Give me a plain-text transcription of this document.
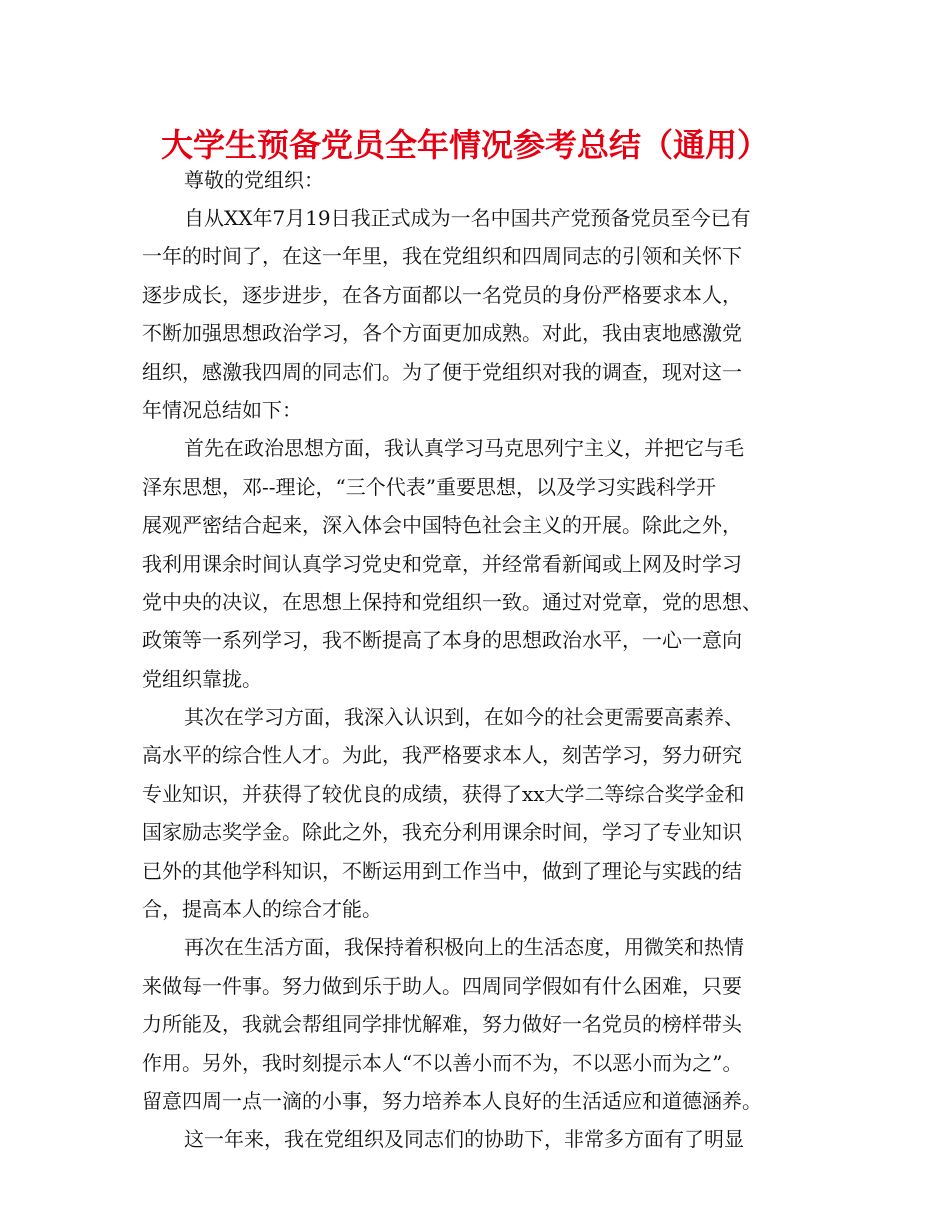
大学生预备党员全年情况参考总结（通用）
尊敬的党组织：
自从XX年7月19日我正式成为一名中国共产党预备党员至今已有
一年的时间了，在这一年里，我在党组织和四周同志的引领和关怀下
逐步成长，逐步进步，在各方面都以一名党员的身份严格要求本人，
不断加强思想政治学习，各个方面更加成熟。对此，我由衷地感激党
组织，感激我四周的同志们。为了便于党组织对我的调查，现对这一
年情况总结如下：
首先在政治思想方面，我认真学习马克思列宁主义，并把它与毛
泽东思想，邓--理论，“三个代表”重要思想，以及学习实践科学开
展观严密结合起来，深入体会中国特色社会主义的开展。除此之外，
我利用课余时间认真学习党史和党章，并经常看新闻或上网及时学习
党中央的决议，在思想上保持和党组织一致。通过对党章，党的思想、
政策等一系列学习，我不断提高了本身的思想政治水平，一心一意向
党组织靠拢。
其次在学习方面，我深入认识到，在如今的社会更需要高素养、
高水平的综合性人才。为此，我严格要求本人，刻苦学习，努力研究
专业知识，并获得了较优良的成绩，获得了xx大学二等综合奖学金和
国家励志奖学金。除此之外，我充分利用课余时间，学习了专业知识
已外的其他学科知识，不断运用到工作当中，做到了理论与实践的结
合，提高本人的综合才能。
再次在生活方面，我保持着积极向上的生活态度，用微笑和热情
来做每一件事。努力做到乐于助人。四周同学假如有什么困难，只要
力所能及，我就会帮组同学排忧解难，努力做好一名党员的榜样带头
作用。另外，我时刻提示本人“不以善小而不为，不以恶小而为之”。
留意四周一点一滴的小事，努力培养本人良好的生活适应和道德涵养。
这一年来，我在党组织及同志们的协助下，非常多方面有了明显
